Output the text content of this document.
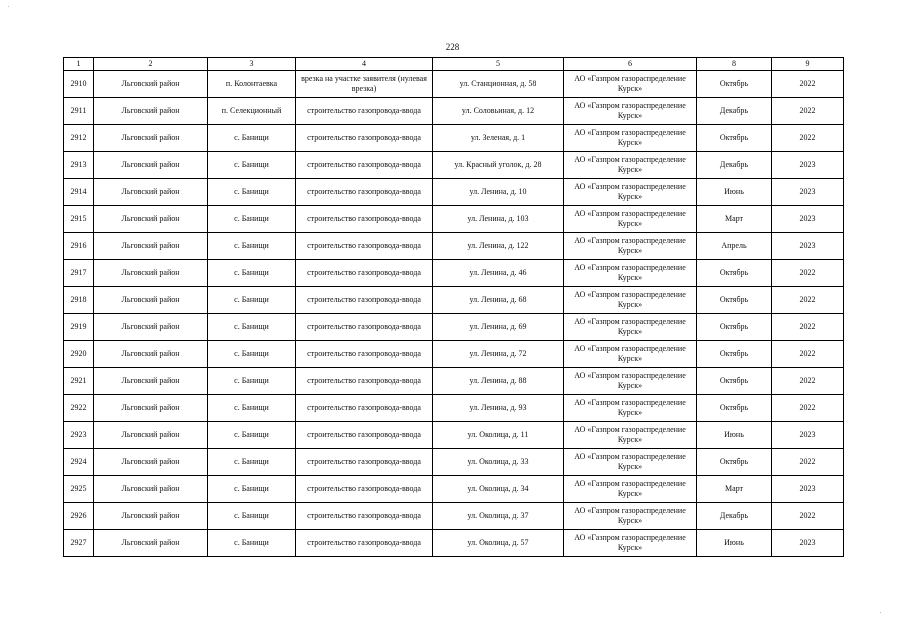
228
1	2	3	4	5	6	8	9
2910	Льговский район	п. Колонтаевка	врезка на участке заявителя (нулевая врезка)	ул. Станционная, д. 58	АО «Газпром газораспределение Курск»	Октябрь	2022
2911	Льговский район	п. Селекционный	строительство газопровода-ввода	ул. Соловьиная, д. 12	АО «Газпром газораспределение Курск»	Декабрь	2022
2912	Льговский район	с. Банищи	строительство газопровода-ввода	ул. Зеленая, д. 1	АО «Газпром газораспределение Курск»	Октябрь	2022
2913	Льговский район	с. Банищи	строительство газопровода-ввода	ул. Красный уголок, д. 28	АО «Газпром газораспределение Курск»	Декабрь	2023
2914	Льговский район	с. Банищи	строительство газопровода-ввода	ул. Ленина, д. 10	АО «Газпром газораспределение Курск»	Июнь	2023
2915	Льговский район	с. Банищи	строительство газопровода-ввода	ул. Ленина, д. 103	АО «Газпром газораспределение Курск»	Март	2023
2916	Льговский район	с. Банищи	строительство газопровода-ввода	ул. Ленина, д. 122	АО «Газпром газораспределение Курск»	Апрель	2023
2917	Льговский район	с. Банищи	строительство газопровода-ввода	ул. Ленина, д. 46	АО «Газпром газораспределение Курск»	Октябрь	2022
2918	Льговский район	с. Банищи	строительство газопровода-ввода	ул. Ленина, д. 68	АО «Газпром газораспределение Курск»	Октябрь	2022
2919	Льговский район	с. Банищи	строительство газопровода-ввода	ул. Ленина, д. 69	АО «Газпром газораспределение Курск»	Октябрь	2022
2920	Льговский район	с. Банищи	строительство газопровода-ввода	ул. Ленина, д. 72	АО «Газпром газораспределение Курск»	Октябрь	2022
2921	Льговский район	с. Банищи	строительство газопровода-ввода	ул. Ленина, д. 88	АО «Газпром газораспределение Курск»	Октябрь	2022
2922	Льговский район	с. Банищи	строительство газопровода-ввода	ул. Ленина, д. 93	АО «Газпром газораспределение Курск»	Октябрь	2022
2923	Льговский район	с. Банищи	строительство газопровода-ввода	ул. Околица, д. 11	АО «Газпром газораспределение Курск»	Июнь	2023
2924	Льговский район	с. Банищи	строительство газопровода-ввода	ул. Околица, д. 33	АО «Газпром газораспределение Курск»	Октябрь	2022
2925	Льговский район	с. Банищи	строительство газопровода-ввода	ул. Околица, д. 34	АО «Газпром газораспределение Курск»	Март	2023
2926	Льговский район	с. Банищи	строительство газопровода-ввода	ул. Околица, д. 37	АО «Газпром газораспределение Курск»	Декабрь	2022
2927	Льговский район	с. Банищи	строительство газопровода-ввода	ул. Околица, д. 57	АО «Газпром газораспределение Курск»	Июнь	2023
